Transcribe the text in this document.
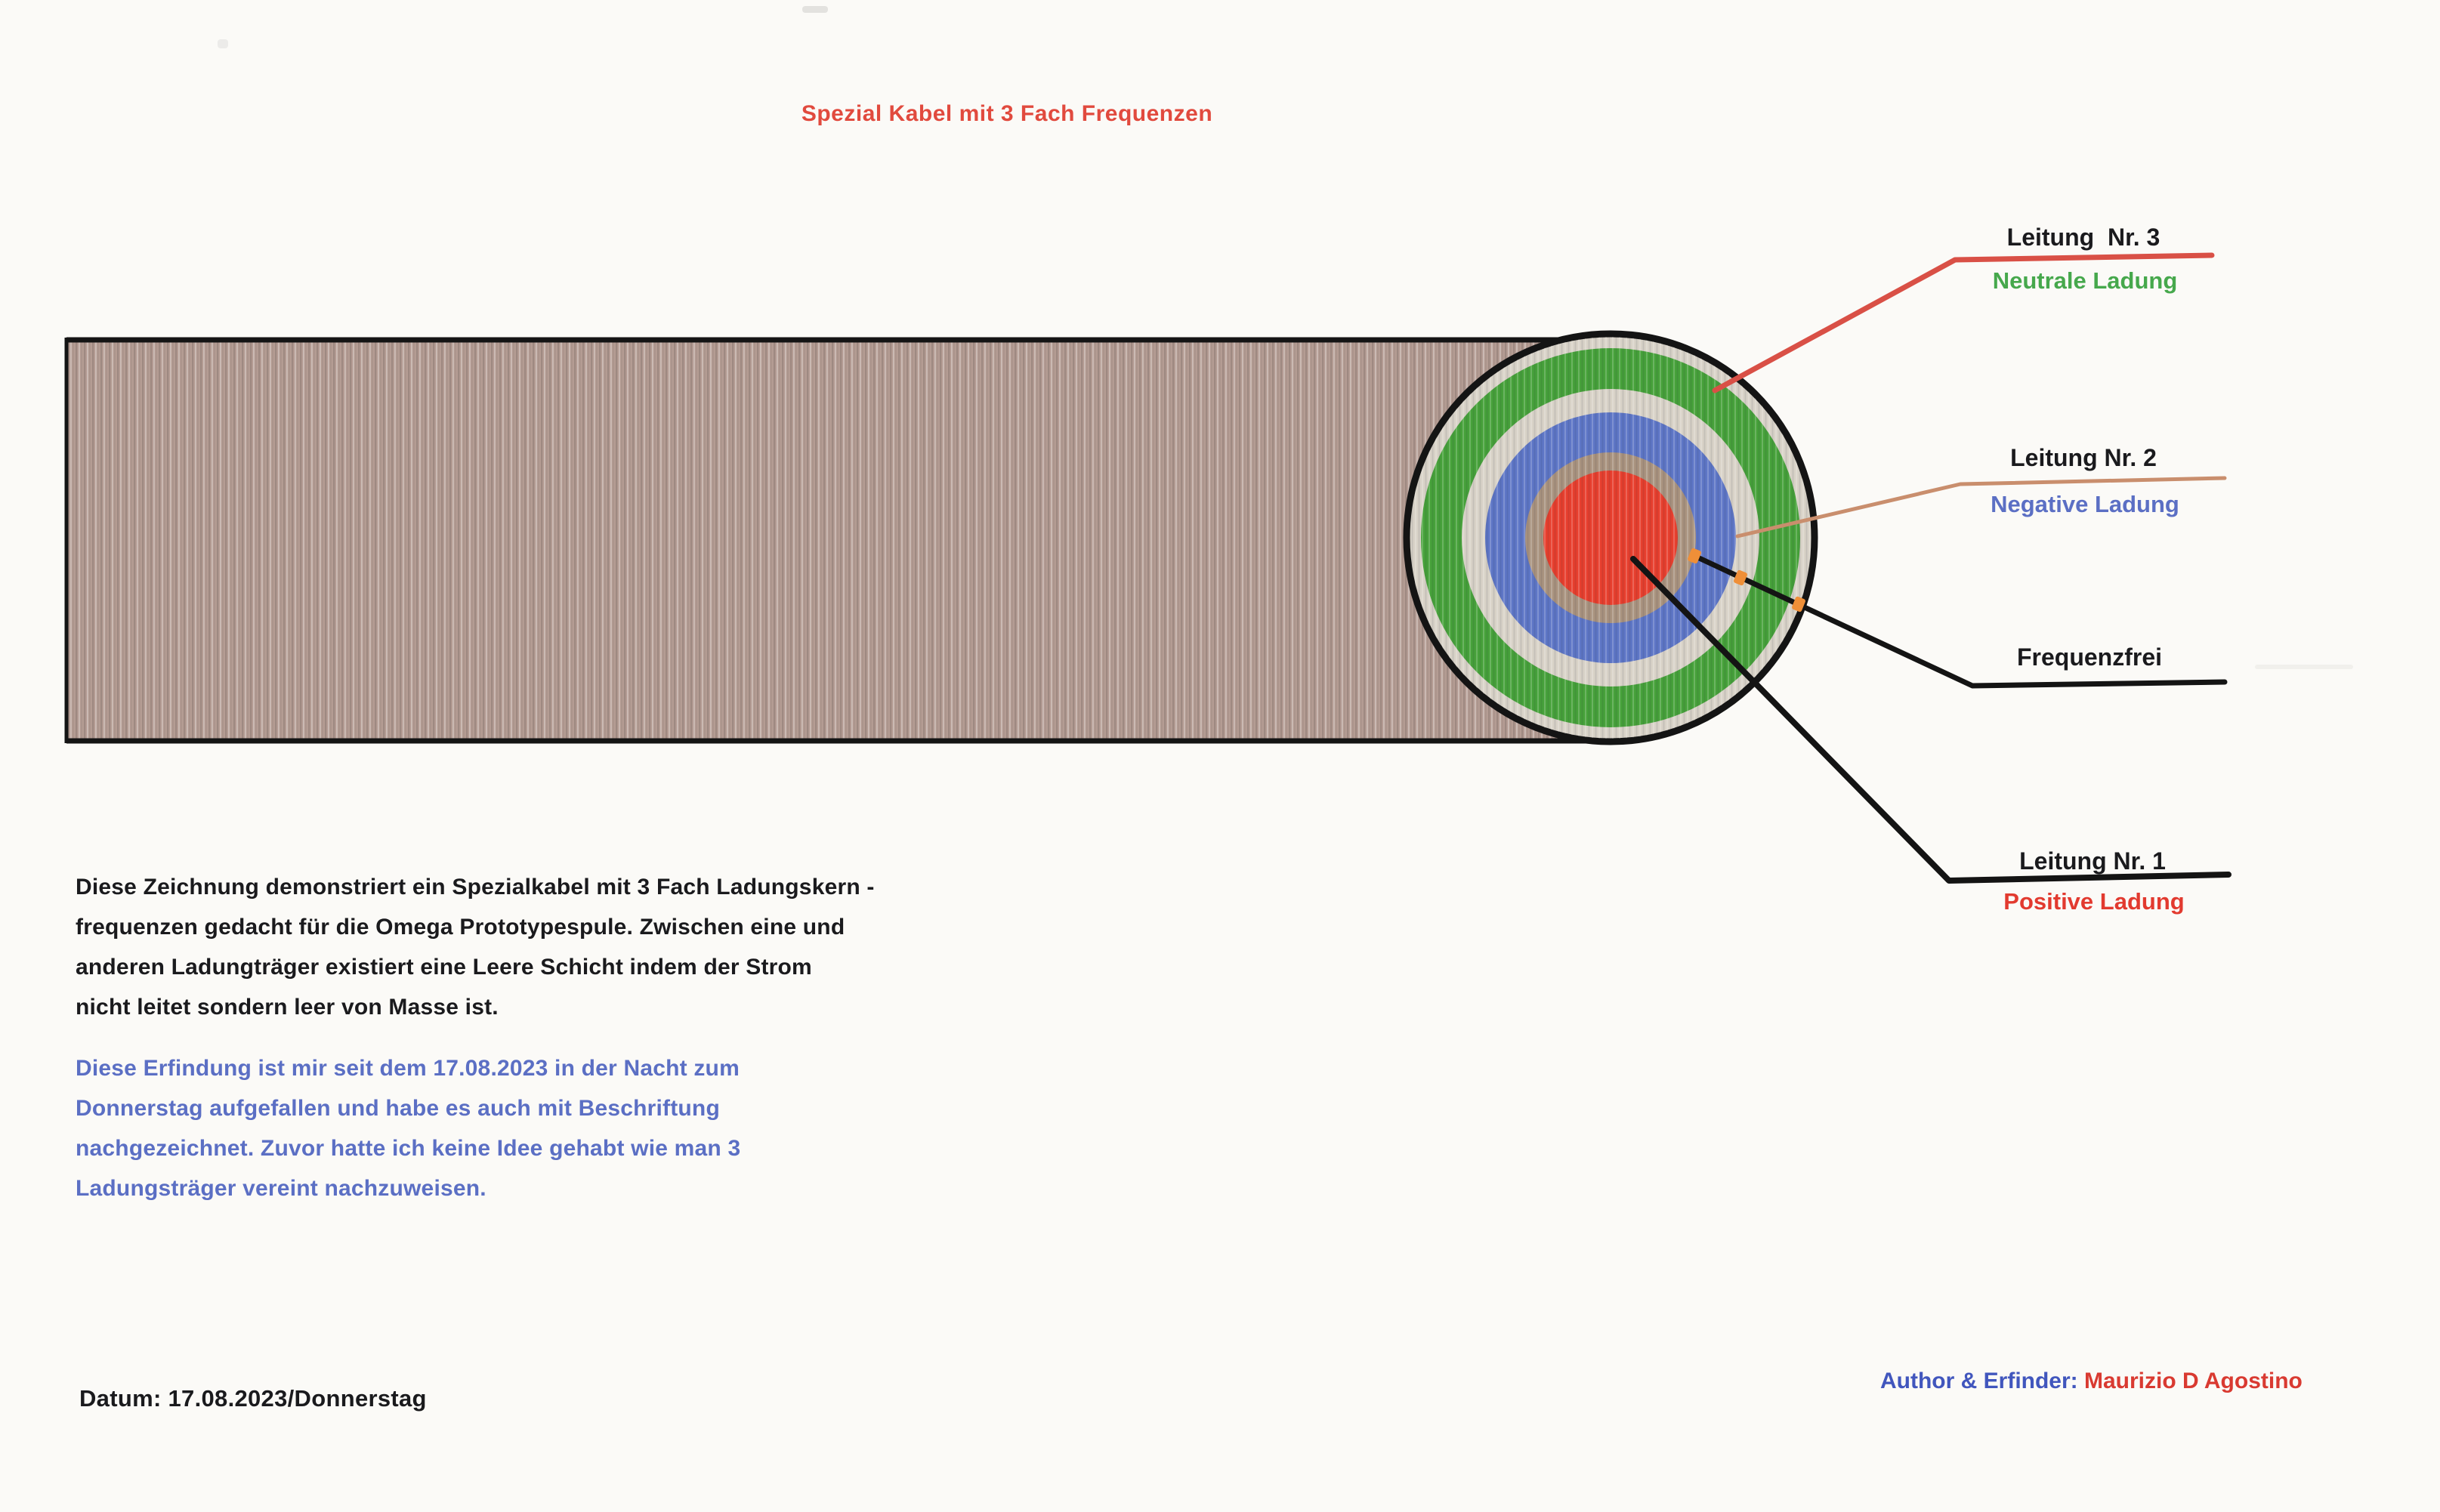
Spezial Kabel mit 3 Fach Frequenzen
Leitung  Nr. 3
Neutrale Ladung
Leitung Nr. 2
Negative Ladung
Frequenzfrei
Leitung Nr. 1
Positive Ladung
Diese Zeichnung demonstriert ein Spezialkabel mit 3 Fach Ladungskern -
frequenzen gedacht für die Omega Prototypespule. Zwischen eine und
anderen Ladungträger existiert eine Leere Schicht indem der Strom
nicht leitet sondern leer von Masse ist.
Diese Erfindung ist mir seit dem 17.08.2023 in der Nacht zum
Donnerstag aufgefallen und habe es auch mit Beschriftung
nachgezeichnet. Zuvor hatte ich keine Idee gehabt wie man 3
Ladungsträger vereint nachzuweisen.
Datum: 17.08.2023/Donnerstag
Author & Erfinder: Maurizio D Agostino
